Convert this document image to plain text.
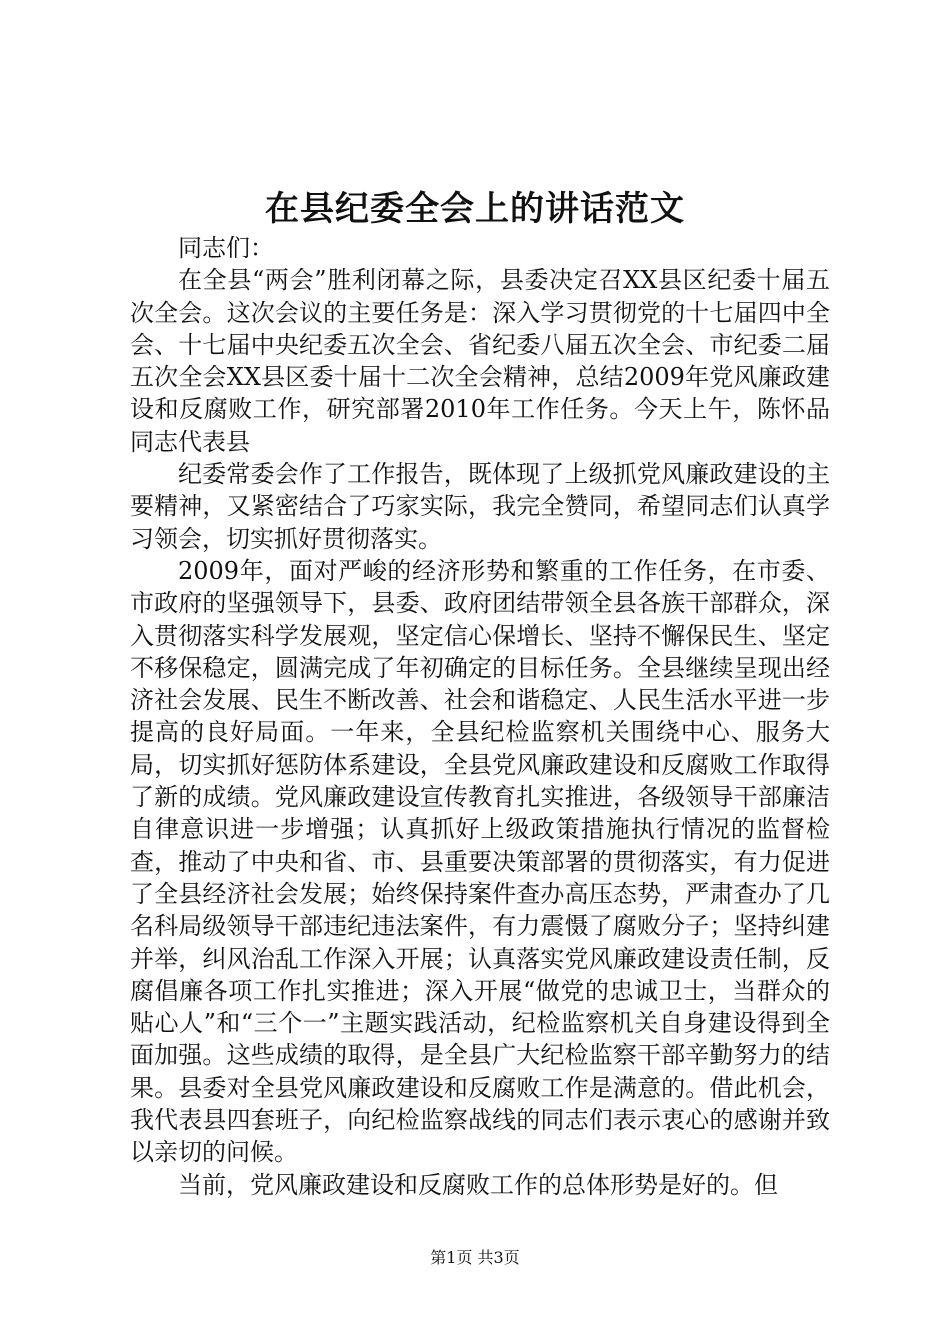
在县纪委全会上的讲话范文

同志们：

在全县“两会”胜利闭幕之际，县委决定召XX县区纪委十届五次全会。这次会议的主要任务是：深入学习贯彻党的十七届四中全会、十七届中央纪委五次全会、省纪委八届五次全会、市纪委二届五次全会XX县区委十届十二次全会精神，总结2009年党风廉政建设和反腐败工作，研究部署2010年工作任务。今天上午，陈怀品同志代表县

纪委常委会作了工作报告，既体现了上级抓党风廉政建设的主要精神，又紧密结合了巧家实际，我完全赞同，希望同志们认真学习领会，切实抓好贯彻落实。

2009年，面对严峻的经济形势和繁重的工作任务，在市委、市政府的坚强领导下，县委、政府团结带领全县各族干部群众，深入贯彻落实科学发展观，坚定信心保增长、坚持不懈保民生、坚定不移保稳定，圆满完成了年初确定的目标任务。全县继续呈现出经济社会发展、民生不断改善、社会和谐稳定、人民生活水平进一步提高的良好局面。一年来，全县纪检监察机关围绕中心、服务大局，切实抓好惩防体系建设，全县党风廉政建设和反腐败工作取得了新的成绩。党风廉政建设宣传教育扎实推进，各级领导干部廉洁自律意识进一步增强；认真抓好上级政策措施执行情况的监督检查，推动了中央和省、市、县重要决策部署的贯彻落实，有力促进了全县经济社会发展；始终保持案件查办高压态势，严肃查办了几名科局级领导干部违纪违法案件，有力震慑了腐败分子；坚持纠建并举，纠风治乱工作深入开展；认真落实党风廉政建设责任制，反腐倡廉各项工作扎实推进；深入开展“做党的忠诚卫士，当群众的贴心人”和“三个一”主题实践活动，纪检监察机关自身建设得到全面加强。这些成绩的取得，是全县广大纪检监察干部辛勤努力的结果。县委对全县党风廉政建设和反腐败工作是满意的。借此机会，我代表县四套班子，向纪检监察战线的同志们表示衷心的感谢并致以亲切的问候。

当前，党风廉政建设和反腐败工作的总体形势是好的。但

第1页 共3页
